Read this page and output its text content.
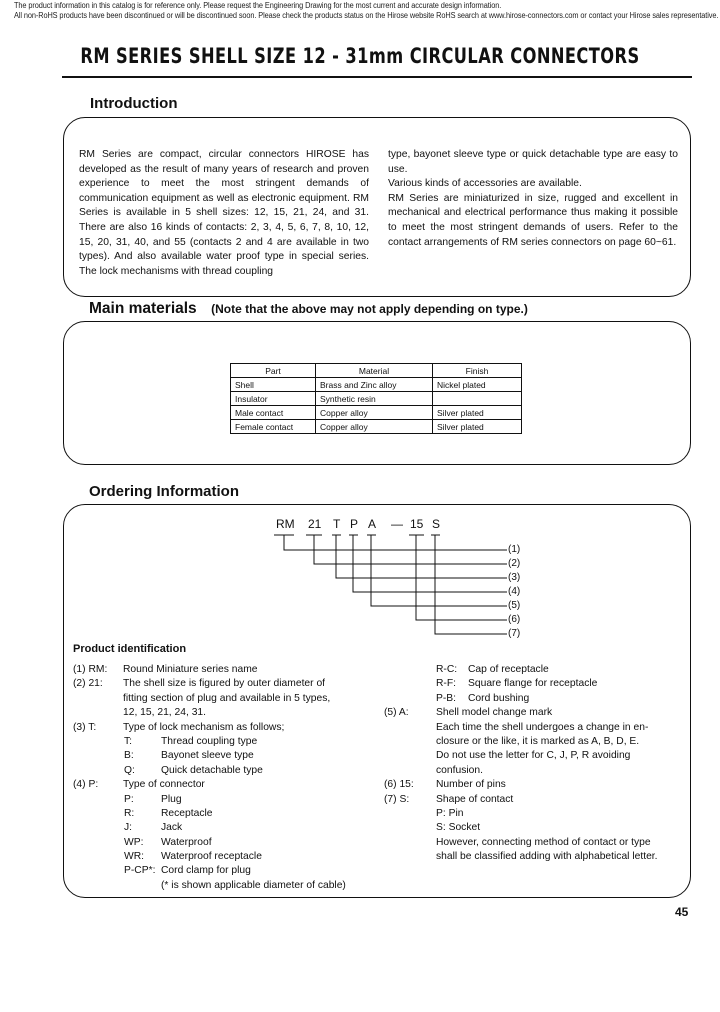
The product information in this catalog is for reference only. Please request the Engineering Drawing for the most current and accurate design information.
All non-RoHS products have been discontinued or will be discontinued soon. Please check the products status on the Hirose website RoHS search at www.hirose-connectors.com or contact your Hirose sales representative.
RM SERIES SHELL SIZE 12 - 31mm CIRCULAR CONNECTORS
Introduction

RM Series are compact, circular connectors HIROSE has developed as the result of many years of research and proven experience to meet the most stringent demands of communication equipment as well as electronic equipment. RM Series is available in 5 shell sizes: 12, 15, 21, 24, and 31. There are also 16 kinds of contacts: 2, 3, 4, 5, 6, 7, 8, 10, 12, 15, 20, 31, 40, and 55 (contacts 2 and 4 are available in two types). And also available water proof type in special series. The lock mechanisms with thread coupling

type, bayonet sleeve type or quick detachable type are easy to use.

Various kinds of accessories are available.

RM Series are miniaturized in size, rugged and excellent in mechanical and electrical performance thus making it possible to meet the most stringent demands of users. Refer to the contact arrangements of RM series connectors on page 60~61.

Main materials (Note that the above may not apply depending on type.)
Part	Material	Finish
Shell	Brass and Zinc alloy	Nickel plated
Insulator	Synthetic resin	
Male contact	Copper alloy	Silver plated
Female contact	Copper alloy	Silver plated
Ordering Information
RM 21 T P A — 15 S
(1)
(2)
(3)
(4)
(5)
(6)
(7)
Product identification
(1) RM: Round Miniature series name
(2) 21: The shell size is figured by outer diameter of
fitting section of plug and available in 5 types,
12, 15, 21, 24, 31.
(3) T:	Type of lock mechanism as follows;
T:	Thread coupling type
B:	Bayonet sleeve type
Q:	Quick detachable type
(4) P: Type of connector
P:	Plug
R:	Receptacle
J:	Jack
WP: Waterproof
WR: Waterproof receptacle
P-CP*: Cord clamp for plug
(* is shown applicable diameter of cable)
R-C: Cap of receptacle
R-F: Square flange for receptacle
P-B: Cord bushing
(5) A:	Shell model change mark
Each time the shell undergoes a change in en-
closure or the like, it is marked as A, B, D, E.
Do not use the letter for C, J, P, R avoiding
confusion.
(6) 15: Number of pins
(7) S:	Shape of contact
P: Pin
S: Socket
However, connecting method of contact or type
shall be classified adding with alphabetical letter.
45
